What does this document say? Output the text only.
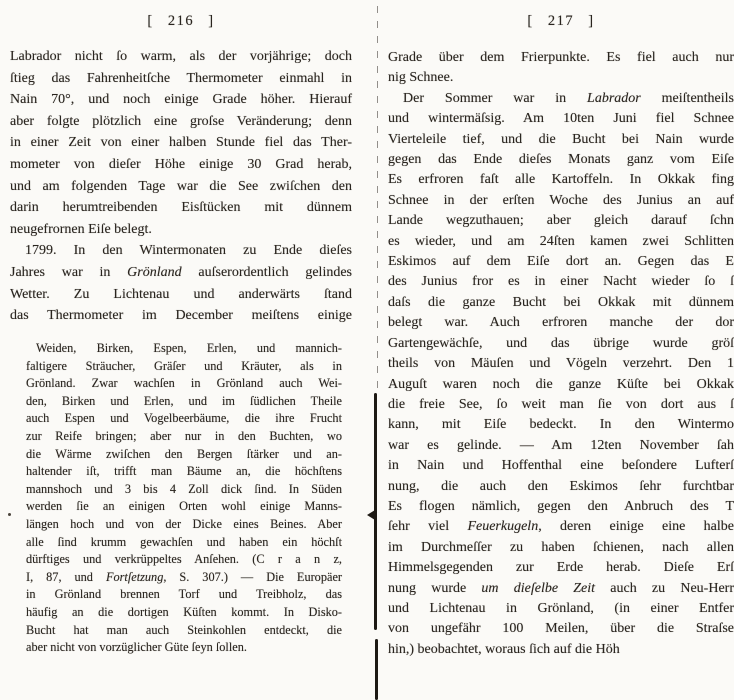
[ 216 ]
Labrador nicht ſo warm, als der vorjährige; doch
ſtieg das Fahrenheitſche Thermometer einmahl in
Nain 70°, und noch einige Grade höher. Hierauf
aber folgte plötzlich eine groſse Veränderung; denn
in einer Zeit von einer halben Stunde fiel das Ther-
mometer von dieſer Höhe einige 30 Grad herab,
und am folgenden Tage war die See zwiſchen den
darin herumtreibenden Eisſtücken mit dünnem
neugefrornen Eiſe belegt.
1799. In den Wintermonaten zu Ende dieſes
Jahres war in Grönland auſserordentlich gelindes
Wetter. Zu Lichtenau und anderwärts ſtand
das Thermometer im December meiſtens einige
Weiden, Birken, Espen, Erlen, und mannich-
faltigere Sträucher, Gräſer und Kräuter, als in
Grönland. Zwar wachſen in Grönland auch Wei-
den, Birken und Erlen, und im ſüdlichen Theile
auch Espen und Vogelbeerbäume, die ihre Frucht
zur Reife bringen; aber nur in den Buchten, wo
die Wärme zwiſchen den Bergen ſtärker und an-
haltender iſt, trifft man Bäume an, die höchſtens
mannshoch und 3 bis 4 Zoll dick ſind. In Süden
werden ſie an einigen Orten wohl einige Manns-
längen hoch und von der Dicke eines Beines. Aber
alle ſind krumm gewachſen und haben ein höchſt
dürftiges und verkrüppeltes Anſehen. (C r a n z,
I, 87, und Fortſetzung, S. 307.) — Die Europäer
in Grönland brennen Torf und Treibholz, das
häufig an die dortigen Küſten kommt. In Disko-
Bucht hat man auch Steinkohlen entdeckt, die
aber nicht von vorzüglicher Güte ſeyn ſollen.
[ 217 ]
Grade über dem Frierpunkte. Es fiel auch nur
nig Schnee.
Der Sommer war in Labrador meiſtentheils
und wintermäſsig. Am 10ten Juni fiel Schnee
Vierteleile tief, und die Bucht bei Nain wurde
gegen das Ende dieſes Monats ganz vom Eiſe
Es erfroren faſt alle Kartoffeln. In Okkak fing
Schnee in der erſten Woche des Junius an auf
Lande wegzuthauen; aber gleich darauf ſchn
es wieder, und am 24ſten kamen zwei Schlitten
Eskimos auf dem Eiſe dort an. Gegen das E
des Junius fror es in einer Nacht wieder ſo ſ
daſs die ganze Bucht bei Okkak mit dünnem
belegt war. Auch erfroren manche der dor
Gartengewächſe, und das übrige wurde gröſ
theils von Mäuſen und Vögeln verzehrt. Den 1
Auguſt waren noch die ganze Küſte bei Okkak
die freie See, ſo weit man ſie von dort aus ſ
kann, mit Eiſe bedeckt. In den Wintermo
war es gelinde. — Am 12ten November ſah
in Nain und Hoffenthal eine beſondere Lufterſ
nung, die auch den Eskimos ſehr furchtbar
Es flogen nämlich, gegen den Anbruch des T
ſehr viel Feuerkugeln, deren einige eine halbe
im Durchmeſſer zu haben ſchienen, nach allen
Himmelsgegenden zur Erde herab. Dieſe Erſ
nung wurde um dieſelbe Zeit auch zu Neu-Herr
und Lichtenau in Grönland, (in einer Entfer
von ungefähr 100 Meilen, über die Straſse
hin,) beobachtet, woraus ſich auf die Höh
